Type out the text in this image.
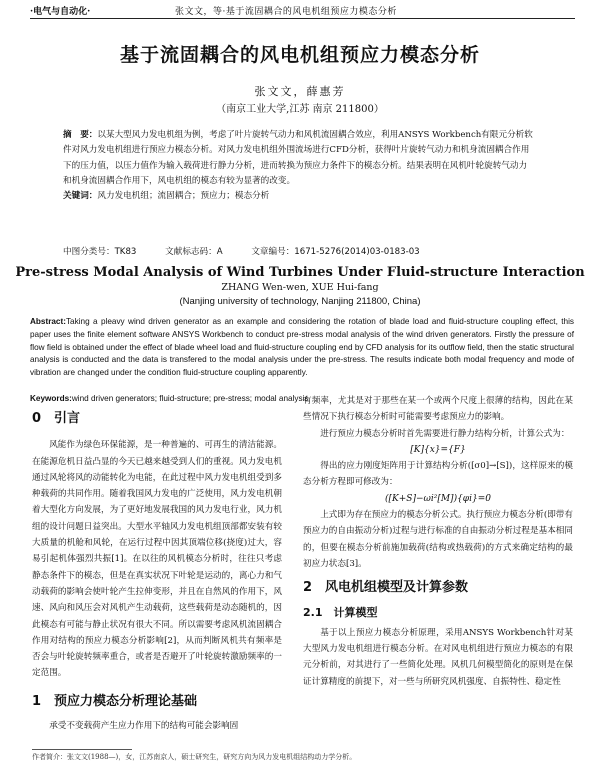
·电气与自动化·	张文文，等·基于流固耦合的风电机组预应力模态分析
基于流固耦合的风电机组预应力模态分析
张文文，薛惠芳
（南京工业大学,江苏 南京 211800）
摘　要：以某大型风力发电机组为例，考虑了叶片旋转气动力和风机流固耦合效应，利用ANSYS Workbench有限元分析软件对风力发电机组进行预应力模态分析。对风力发电机组外围流场进行CFD分析，获得叶片旋转气动力和机身流固耦合作用下的压力值，以压力值作为输入载荷进行静力分析，进而转换为预应力条件下的模态分析。结果表明在风机叶轮旋转气动力和机身流固耦合作用下，风电机组的模态有较为显著的改变。
关键词：风力发电机组；流固耦合；预应力；模态分析
中图分类号：TK83	文献标志码：A	文章编号：1671-5276(2014)03-0183-03
Pre-stress Modal Analysis of Wind Turbines Under Fluid-structure Interaction
ZHANG Wen-wen, XUE Hui-fang
(Nanjing university of technology, Nanjing 211800, China)
Abstract:Taking a pleavy wind driven generator as an example and considering the rotation of blade load and fluid-structure coupling effect, this paper uses the finite element software ANSYS Workbench to conduct pre-stress modal analysis of the wind driven generators. Firstly the pressure of flow field is obtained under the effect of blade wheel load and fluid-structure coupling end by CFD analysis for its outflow field, then the static structural analysis is conducted and the data is transfered to the modal analysis under the pre-stress. The results indicate both modal frequency and mode of vibration are changed under the condition fluid-structure coupling apparently.
Keywords:wind driven generators; fluid-structure; pre-stress; modal analysis
0　引言

风能作为绿色环保能源，是一种普遍的、可再生的清洁能源。在能源危机日益凸显的今天已越来越受到人们的重视。风力发电机通过风轮将风的动能转化为电能，在此过程中风力发电机组受到多种载荷的共同作用。随着我国风力发电的广泛使用，风力发电机朝着大型化方向发展，为了更好地发展我国的风力发电行业，风力机组的设计问题日益突出。大型水平轴风力发电机组顶部都安装有较大质量的机舱和风轮，在运行过程中因其顶端位移(挠度)过大，容易引起机体强烈共振[1]。在以往的风机模态分析时，往往只考虑静态条件下的模态，但是在真实状况下叶轮是运动的，离心力和气动载荷的影响会使叶轮产生拉伸变形，并且在自然风的作用下，风速、风向和风压会对风机产生动载荷，这些载荷是动态随机的，因此模态有可能与静止状况有很大不同。所以需要考虑风机流固耦合作用对结构的预应力模态分析影响[2]，从而判断风机共有频率是否会与叶轮旋转频率重合，或者是否避开了叶轮旋转激励频率的一定范围。

1　预应力模态分析理论基础

承受不变载荷产生应力作用下的结构可能会影响固

有频率，尤其是对于那些在某一个或两个尺度上很薄的结构，因此在某些情况下执行模态分析时可能需要考虑预应力的影响。

进行预应力模态分析时首先需要进行静力结构分析，计算公式为：

[K]{x}={F}

得出的应力刚度矩阵用于计算结构分析([σ0]→[S])，这样原来的模态分析方程即可修改为：

([K+S]−ωi²[M]){φi}=0

上式即为存在预应力的模态分析公式。执行预应力模态分析(即带有预应力的自由振动分析)过程与进行标准的自由振动分析过程是基本相同的，但要在模态分析前施加载荷(结构或热载荷)的方式来确定结构的最初应力状态[3]。

2　风电机组模型及计算参数
2.1　计算模型

基于以上预应力模态分析原理，采用ANSYS Workbench针对某大型风力发电机组进行模态分析。在对风电机组进行预应力模态的有限元分析前，对其进行了一些简化处理。风机几何模型简化的原则是在保证计算精度的前提下，对一些与所研究风机强度、自振特性、稳定性

作者简介：张文文(1988—)，女，江苏南京人，硕士研究生，研究方向为风力发电机组结构动力学分析。
